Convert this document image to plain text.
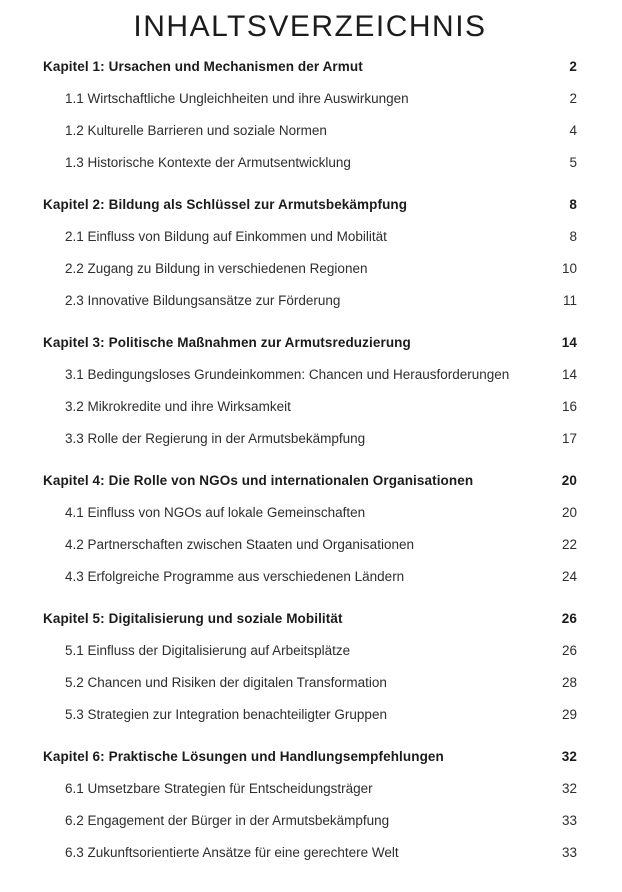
INHALTSVERZEICHNIS
Kapitel 1: Ursachen und Mechanismen der Armut	2
1.1 Wirtschaftliche Ungleichheiten und ihre Auswirkungen	2
1.2 Kulturelle Barrieren und soziale Normen	4
1.3 Historische Kontexte der Armutsentwicklung	5
Kapitel 2: Bildung als Schlüssel zur Armutsbekämpfung	8
2.1 Einfluss von Bildung auf Einkommen und Mobilität	8
2.2 Zugang zu Bildung in verschiedenen Regionen	10
2.3 Innovative Bildungsansätze zur Förderung	11
Kapitel 3: Politische Maßnahmen zur Armutsreduzierung	14
3.1 Bedingungsloses Grundeinkommen: Chancen und Herausforderungen	14
3.2 Mikrokredite und ihre Wirksamkeit	16
3.3 Rolle der Regierung in der Armutsbekämpfung	17
Kapitel 4: Die Rolle von NGOs und internationalen Organisationen	20
4.1 Einfluss von NGOs auf lokale Gemeinschaften	20
4.2 Partnerschaften zwischen Staaten und Organisationen	22
4.3 Erfolgreiche Programme aus verschiedenen Ländern	24
Kapitel 5: Digitalisierung und soziale Mobilität	26
5.1 Einfluss der Digitalisierung auf Arbeitsplätze	26
5.2 Chancen und Risiken der digitalen Transformation	28
5.3 Strategien zur Integration benachteiligter Gruppen	29
Kapitel 6: Praktische Lösungen und Handlungsempfehlungen	32
6.1 Umsetzbare Strategien für Entscheidungsträger	32
6.2 Engagement der Bürger in der Armutsbekämpfung	33
6.3 Zukunftsorientierte Ansätze für eine gerechtere Welt	33
